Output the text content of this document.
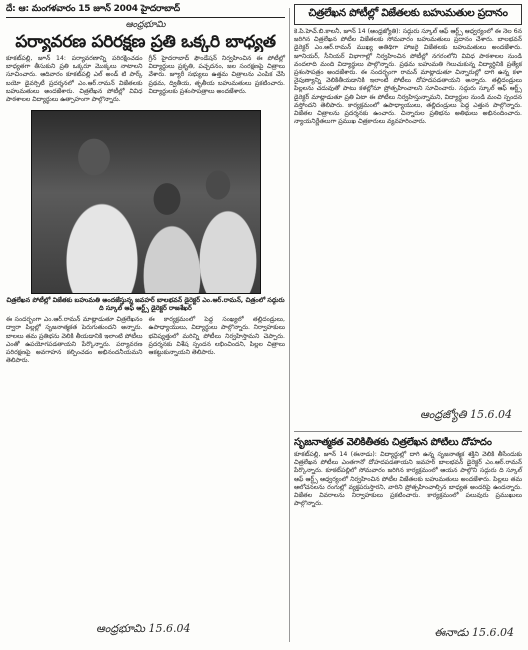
దే: ఆ: మంగళవారం 15 జూన్ 2004 హైదరాబాద్
ఆంధ్రభూమి
పర్యావరణ పరిరక్షణ ప్రతి ఒక్కరి బాధ్యత
కూకట్‌పల్లి, జూన్ 14: పర్యావరణాన్ని పరిరక్షించడం బాధ్యతగా తీసుకుని ప్రతి ఒక్కరూ మొక్కలు నాటాలని సూచించారు. ఆదివారం కూకట్‌పల్లి ఎల్ అండ్ టి పార్క్ బయో డైవర్సిటీ ప్రదర్శనలో ఎం.ఆర్.రామన్ విజేతలకు బహుమతులు అందజేశారు. చిత్రలేఖన పోటీల్లో వివిధ పాఠశాలల విద్యార్థులు ఉత్సాహంగా పాల్గొన్నారు.
గ్రీన్ హైదరాబాద్ ఫౌండేషన్ నిర్వహించిన ఈ పోటీల్లో విద్యార్థులు ప్రకృతి, పచ్చదనం, జల సంరక్షణపై చిత్రాలు వేశారు. జ్యూరీ సభ్యులు ఉత్తమ చిత్రాలను ఎంపిక చేసి ప్రథమ, ద్వితీయ, తృతీయ బహుమతులు ప్రకటించారు. విద్యార్థులకు ప్రశంసాపత్రాలు అందజేశారు.
చిత్రలేఖన పోటీల్లో విజేతకు బహుమతి అందజేస్తున్న జవహర్ బాలభవన్ డైరెక్టర్ ఎం.ఆర్.రామన్, చిత్రంలో సద్గురు ది స్కూల్ ఆఫ్ ఆర్ట్స్ డైరెక్టర్ రాజశేఖర్
ఈ సందర్భంగా ఎం.ఆర్.రామన్ మాట్లాడుతూ చిత్రలేఖనం ద్వారా పిల్లల్లో సృజనాత్మకత పెరుగుతుందని అన్నారు. బాలలు తమ ప్రతిభను వెలికి తీయడానికి ఇలాంటి పోటీలు ఎంతో ఉపయోగపడతాయని పేర్కొన్నారు. పర్యావరణ పరిరక్షణపై అవగాహన కల్పించడం అభినందనీయమని తెలిపారు.
ఈ కార్యక్రమంలో పెద్ద సంఖ్యలో తల్లిదండ్రులు, ఉపాధ్యాయులు, విద్యార్థులు పాల్గొన్నారు. నిర్వాహకులు భవిష్యత్తులో మరిన్ని పోటీలు నిర్వహిస్తామని చెప్పారు. ప్రదర్శనకు విశేష స్పందన లభించిందని, పిల్లల చిత్రాలు ఆకట్టుకున్నాయని తెలిపారు.
ఆంధ్రభూమి 15.6.04
చిత్రలేఖన పోటీల్లో విజేతలకు బహుమతుల ప్రదానం
కె.పి.హెచ్.బి.కాలనీ, జూన్ 14 (ఆంధ్రజ్యోతి): సద్గురు స్కూల్ ఆఫ్ ఆర్ట్స్ ఆధ్వర్యంలో ఈ నెల 6న జరిగిన చిత్రలేఖన పోటీల విజేతలకు సోమవారం బహుమతులు ప్రదానం చేశారు. బాలభవన్ డైరెక్టర్ ఎం.ఆర్.రామన్ ముఖ్య అతిథిగా హాజరై విజేతలకు బహుమతులు అందజేశారు. జూనియర్, సీనియర్ విభాగాల్లో నిర్వహించిన పోటీల్లో నగరంలోని వివిధ పాఠశాలల నుండి వందలాది మంది విద్యార్థులు పాల్గొన్నారు. ప్రథమ బహుమతి గెలుచుకున్న విద్యార్థినికి ప్రత్యేక ప్రశంసాపత్రం అందజేశారు. ఈ సందర్భంగా రామన్ మాట్లాడుతూ చిన్నారుల్లో దాగి ఉన్న కళా నైపుణ్యాన్ని వెలికితీయడానికి ఇలాంటి పోటీలు దోహదపడతాయని అన్నారు. తల్లిదండ్రులు పిల్లలను చదువుతో పాటు కళల్లోనూ ప్రోత్సహించాలని సూచించారు. సద్గురు స్కూల్ ఆఫ్ ఆర్ట్స్ డైరెక్టర్ మాట్లాడుతూ ప్రతి ఏటా ఈ పోటీలు నిర్వహిస్తున్నామని, విద్యార్థుల నుండి మంచి స్పందన వస్తోందని తెలిపారు. కార్యక్రమంలో ఉపాధ్యాయులు, తల్లిదండ్రులు పెద్ద ఎత్తున పాల్గొన్నారు. విజేతల చిత్రాలను ప్రదర్శనకు ఉంచారు. చిన్నారుల ప్రతిభను అతిథులు అభినందించారు. న్యాయనిర్ణేతలుగా ప్రముఖ చిత్రకారులు వ్యవహరించారు.
ఆంధ్రజ్యోతి 15.6.04
సృజనాత్మకత వెలికితీతకు చిత్రలేఖన పోటీలు దోహదం
కూకట్‌పల్లి, జూన్ 14 (ఈనాడు): విద్యార్థుల్లో దాగి ఉన్న సృజనాత్మక శక్తిని వెలికి తీసేందుకు చిత్రలేఖన పోటీలు ఎంతగానో దోహదపడతాయని జవహర్ బాలభవన్ డైరెక్టర్ ఎం.ఆర్.రామన్ పేర్కొన్నారు. కూకట్‌పల్లిలో సోమవారం జరిగిన కార్యక్రమంలో ఆయన పాల్గొని సద్గురు ది స్కూల్ ఆఫ్ ఆర్ట్స్ ఆధ్వర్యంలో నిర్వహించిన పోటీల విజేతలకు బహుమతులు అందజేశారు. పిల్లలు తమ ఆలోచనలను రంగుల్లో వ్యక్తపరుస్తారని, వారిని ప్రోత్సహించాల్సిన బాధ్యత అందరిపై ఉందన్నారు. విజేతల వివరాలను నిర్వాహకులు ప్రకటించారు. కార్యక్రమంలో పలువురు ప్రముఖులు పాల్గొన్నారు.
ఈనాడు 15.6.04
